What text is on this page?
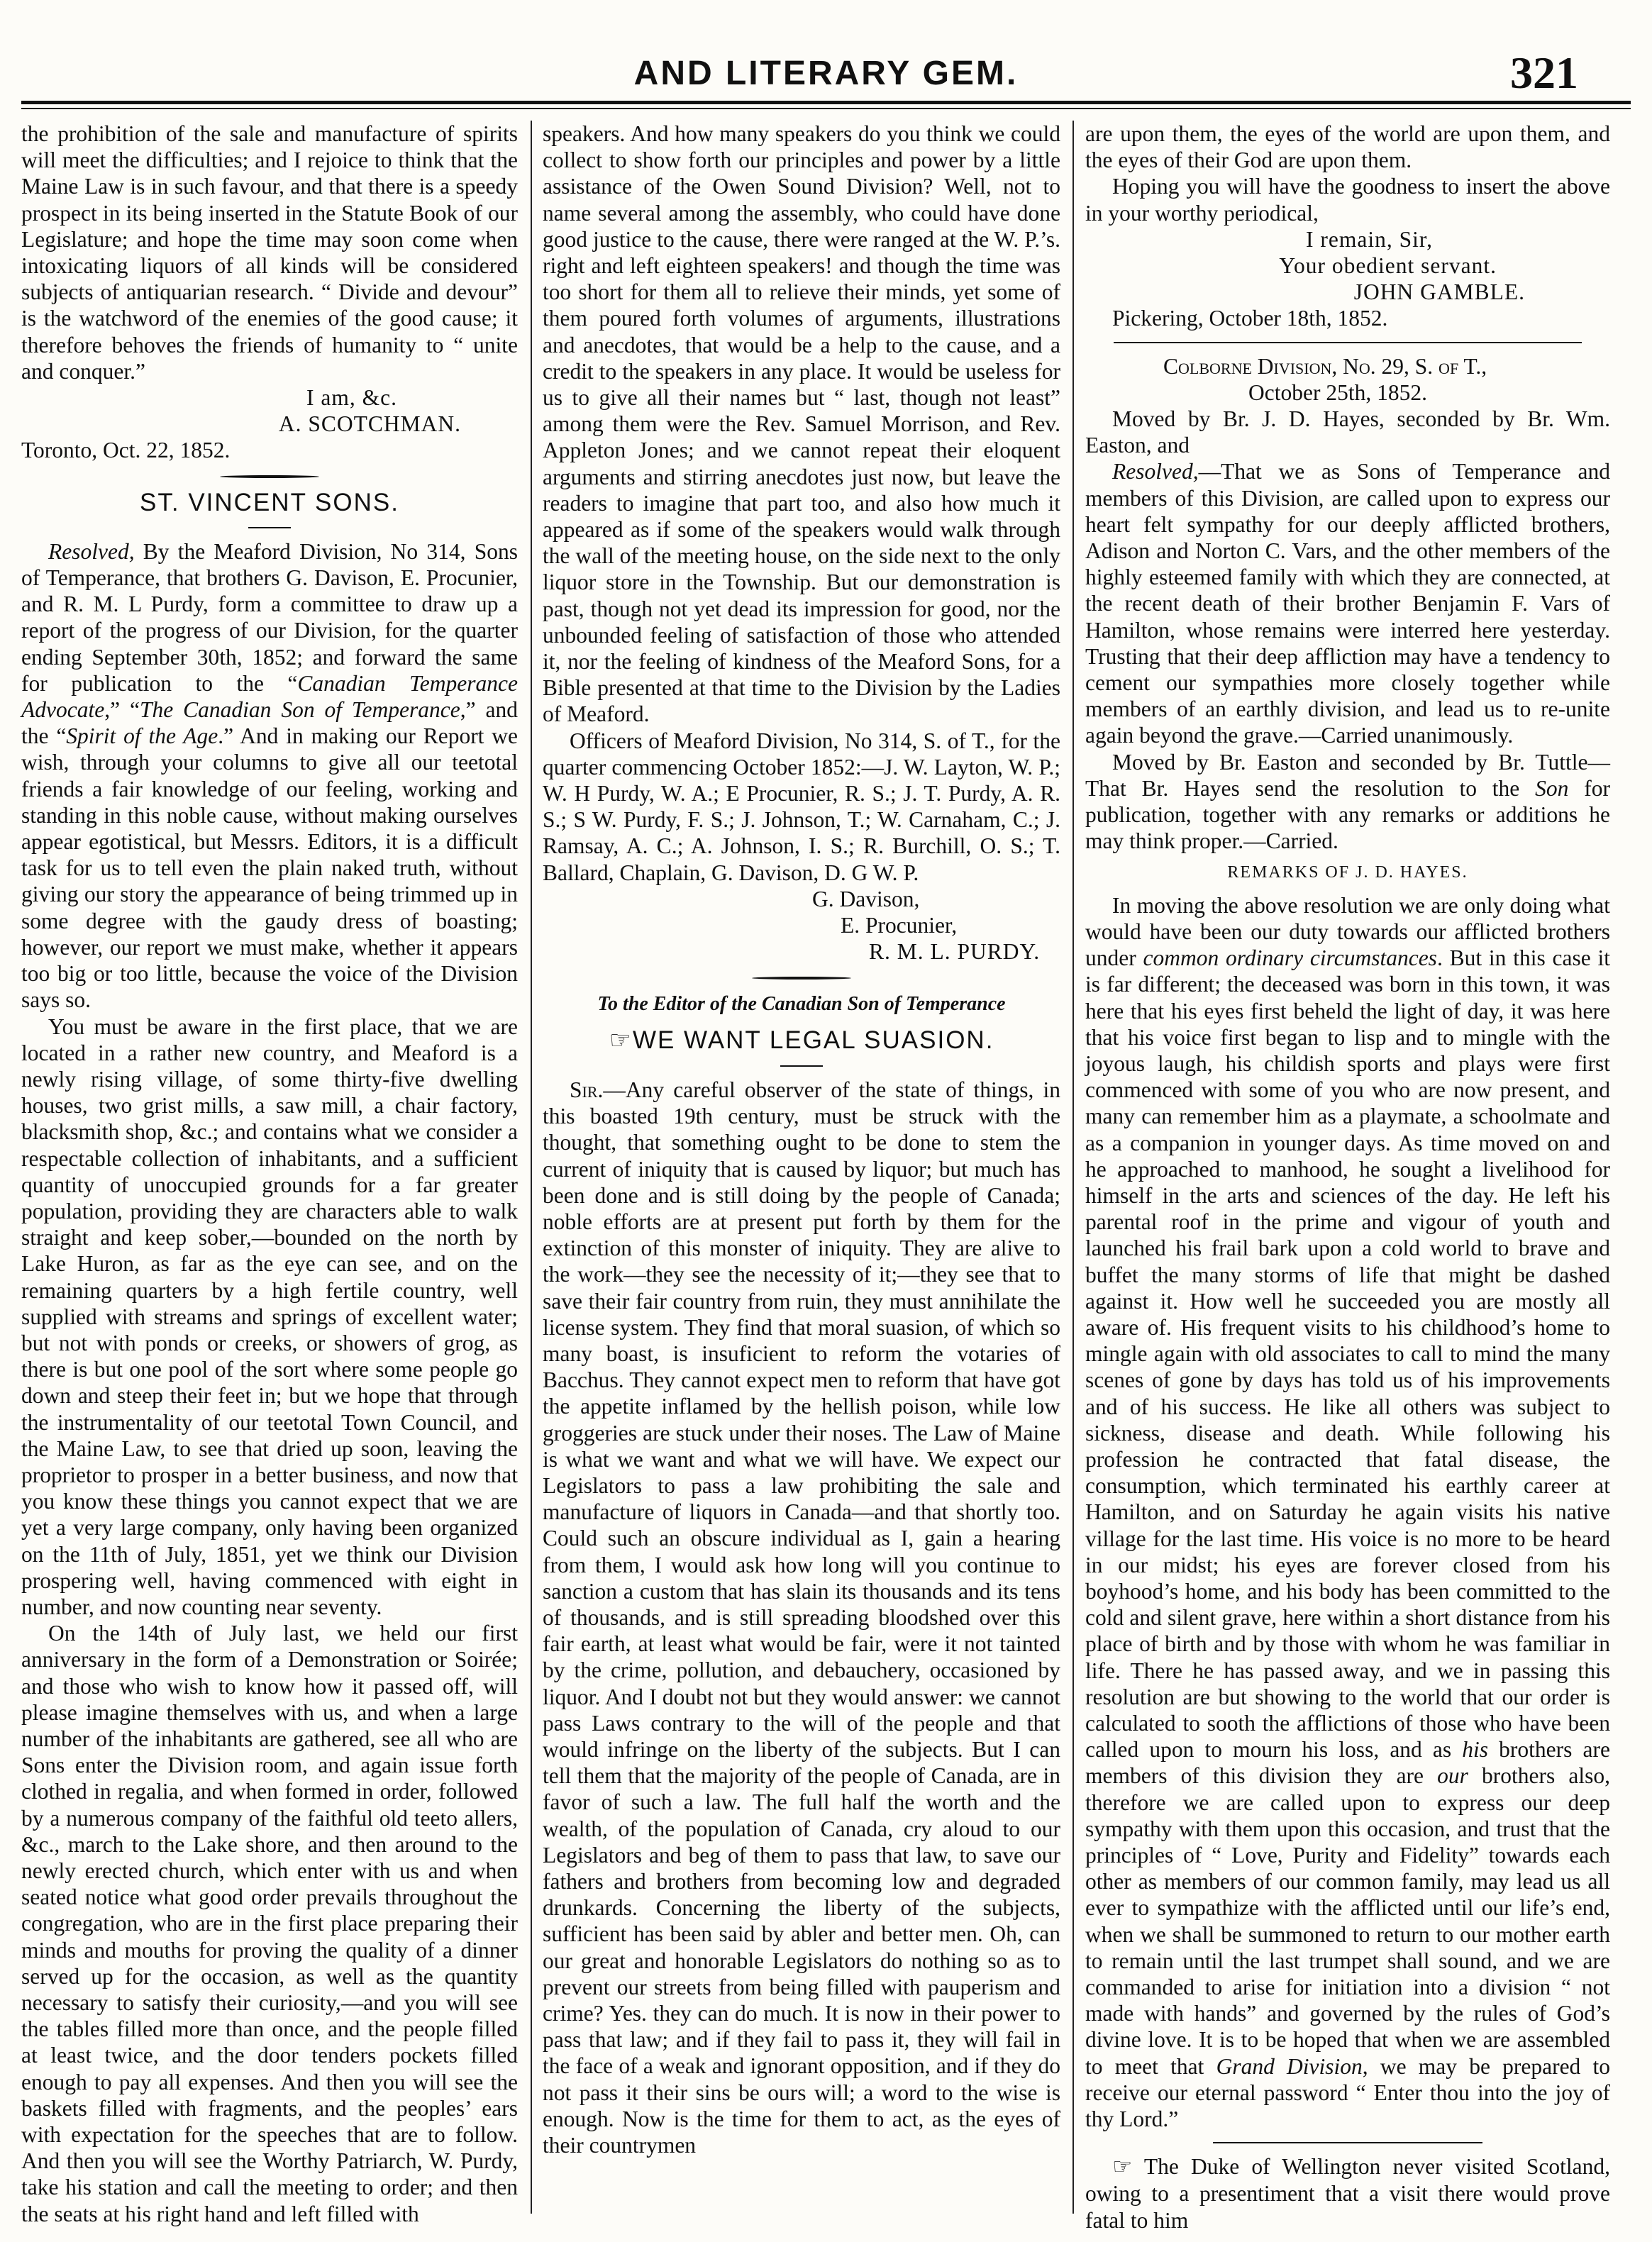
AND LITERARY GEM.	321

the prohibition of the sale and manufacture of spirits will meet the difficulties; and I rejoice to think that the Maine Law is in such favour, and that there is a speedy prospect in its being inserted in the Statute Book of our Legislature; and hope the time may soon come when intoxicating liquors of all kinds will be considered subjects of antiquarian research. “ Divide and devour” is the watchword of the enemies of the good cause; it therefore behoves the friends of humanity to “ unite and conquer.”

I am, &c.

A. SCOTCHMAN.

Toronto, Oct. 22, 1852.

ST. VINCENT SONS.

Resolved, By the Meaford Division, No 314, Sons of Temperance, that brothers G. Davison, E. Procunier, and R. M. L Purdy, form a committee to draw up a report of the progress of our Division, for the quarter ending September 30th, 1852; and forward the same for publication to the “Canadian Temperance Advocate,” “The Canadian Son of Temperance,” and the “Spirit of the Age.” And in making our Report we wish, through your columns to give all our teetotal friends a fair knowledge of our feeling, working and standing in this noble cause, without making ourselves appear egotistical, but Messrs. Editors, it is a difficult task for us to tell even the plain naked truth, without giving our story the appearance of being trimmed up in some degree with the gaudy dress of boasting; however, our report we must make, whether it appears too big or too little, because the voice of the Division says so.

You must be aware in the first place, that we are located in a rather new country, and Meaford is a newly rising village, of some thirty-five dwelling houses, two grist mills, a saw mill, a chair factory, blacksmith shop, &c.; and contains what we consider a respectable collection of inhabitants, and a sufficient quantity of unoccupied grounds for a far greater population, providing they are characters able to walk straight and keep sober,—bounded on the north by Lake Huron, as far as the eye can see, and on the remaining quarters by a high fertile country, well supplied with streams and springs of excellent water; but not with ponds or creeks, or showers of grog, as there is but one pool of the sort where some people go down and steep their feet in; but we hope that through the instrumentality of our teetotal Town Council, and the Maine Law, to see that dried up soon, leaving the proprietor to prosper in a better business, and now that you know these things you cannot expect that we are yet a very large company, only having been organized on the 11th of July, 1851, yet we think our Division prospering well, having commenced with eight in number, and now counting near seventy.

On the 14th of July last, we held our first anniversary in the form of a Demonstration or Soirée; and those who wish to know how it passed off, will please imagine themselves with us, and when a large number of the inhabitants are gathered, see all who are Sons enter the Division room, and again issue forth clothed in regalia, and when formed in order, followed by a numerous company of the faithful old teeto allers, &c., march to the Lake shore, and then around to the newly erected church, which enter with us and when seated notice what good order prevails throughout the congregation, who are in the first place preparing their minds and mouths for proving the quality of a dinner served up for the occasion, as well as the quantity necessary to satisfy their curiosity,—and you will see the tables filled more than once, and the people filled at least twice, and the door tenders pockets filled enough to pay all expenses. And then you will see the baskets filled with fragments, and the peoples’ ears with expectation for the speeches that are to follow. And then you will see the Worthy Patriarch, W. Purdy, take his station and call the meeting to order; and then the seats at his right hand and left filled with

speakers. And how many speakers do you think we could collect to show forth our principles and power by a little assistance of the Owen Sound Division? Well, not to name several among the assembly, who could have done good justice to the cause, there were ranged at the W. P.’s. right and left eighteen speakers! and though the time was too short for them all to relieve their minds, yet some of them poured forth volumes of arguments, illustrations and anecdotes, that would be a help to the cause, and a credit to the speakers in any place. It would be useless for us to give all their names but “ last, though not least” among them were the Rev. Samuel Morrison, and Rev. Appleton Jones; and we cannot repeat their eloquent arguments and stirring anecdotes just now, but leave the readers to imagine that part too, and also how much it appeared as if some of the speakers would walk through the wall of the meeting house, on the side next to the only liquor store in the Township. But our demonstration is past, though not yet dead its impression for good, nor the unbounded feeling of satisfaction of those who attended it, nor the feeling of kindness of the Meaford Sons, for a Bible presented at that time to the Division by the Ladies of Meaford.

Officers of Meaford Division, No 314, S. of T., for the quarter commencing October 1852:—J. W. Layton, W. P.; W. H Purdy, W. A.; E Procunier, R. S.; J. T. Purdy, A. R. S.; S W. Purdy, F. S.; J. Johnson, T.; W. Carnaham, C.; J. Ramsay, A. C.; A. Johnson, I. S.; R. Burchill, O. S.; T. Ballard, Chaplain, G. Davison, D. G W. P.

G. Davison,

E. Procunier,

R. M. L. PURDY.

To the Editor of the Canadian Son of Temperance

☞WE WANT LEGAL SUASION.

Sir.—Any careful observer of the state of things, in this boasted 19th century, must be struck with the thought, that something ought to be done to stem the current of iniquity that is caused by liquor; but much has been done and is still doing by the people of Canada; noble efforts are at present put forth by them for the extinction of this monster of iniquity. They are alive to the work—they see the necessity of it;—they see that to save their fair country from ruin, they must annihilate the license system. They find that moral suasion, of which so many boast, is insuficient to reform the votaries of Bacchus. They cannot expect men to reform that have got the appetite inflamed by the hellish poison, while low groggeries are stuck under their noses. The Law of Maine is what we want and what we will have. We expect our Legislators to pass a law prohibiting the sale and manufacture of liquors in Canada—and that shortly too. Could such an obscure individual as I, gain a hearing from them, I would ask how long will you continue to sanction a custom that has slain its thousands and its tens of thousands, and is still spreading bloodshed over this fair earth, at least what would be fair, were it not tainted by the crime, pollution, and debauchery, occasioned by liquor. And I doubt not but they would answer: we cannot pass Laws contrary to the will of the people and that would infringe on the liberty of the subjects. But I can tell them that the majority of the people of Canada, are in favor of such a law. The full half the worth and the wealth, of the population of Canada, cry aloud to our Legislators and beg of them to pass that law, to save our fathers and brothers from becoming low and degraded drunkards. Concerning the liberty of the subjects, sufficient has been said by abler and better men. Oh, can our great and honorable Legislators do nothing so as to prevent our streets from being filled with pauperism and crime? Yes. they can do much. It is now in their power to pass that law; and if they fail to pass it, they will fail in the face of a weak and ignorant opposition, and if they do not pass it their sins be ours will; a word to the wise is enough. Now is the time for them to act, as the eyes of their countrymen

are upon them, the eyes of the world are upon them, and the eyes of their God are upon them.

Hoping you will have the goodness to insert the above in your worthy periodical,

I remain, Sir,

Your obedient servant.

JOHN GAMBLE.

Pickering, October 18th, 1852.

Colborne Division, No. 29, S. of T.,

October 25th, 1852.

Moved by Br. J. D. Hayes, seconded by Br. Wm. Easton, and

Resolved,—That we as Sons of Temperance and members of this Division, are called upon to express our heart felt sympathy for our deeply afflicted brothers, Adison and Norton C. Vars, and the other members of the highly esteemed family with which they are connected, at the recent death of their brother Benjamin F. Vars of Hamilton, whose remains were interred here yesterday. Trusting that their deep affliction may have a tendency to cement our sympathies more closely together while members of an earthly division, and lead us to re-unite again beyond the grave.—Carried unanimously.

Moved by Br. Easton and seconded by Br. Tuttle— That Br. Hayes send the resolution to the Son for publication, together with any remarks or additions he may think proper.—Carried.

REMARKS OF J. D. HAYES.

In moving the above resolution we are only doing what would have been our duty towards our afflicted brothers under common ordinary circumstances. But in this case it is far different; the deceased was born in this town, it was here that his eyes first beheld the light of day, it was here that his voice first began to lisp and to mingle with the joyous laugh, his childish sports and plays were first commenced with some of you who are now present, and many can remember him as a playmate, a schoolmate and as a companion in younger days. As time moved on and he approached to manhood, he sought a livelihood for himself in the arts and sciences of the day. He left his parental roof in the prime and vigour of youth and launched his frail bark upon a cold world to brave and buffet the many storms of life that might be dashed against it. How well he succeeded you are mostly all aware of. His frequent visits to his childhood’s home to mingle again with old associates to call to mind the many scenes of gone by days has told us of his improvements and of his success. He like all others was subject to sickness, disease and death. While following his profession he contracted that fatal disease, the consumption, which terminated his earthly career at Hamilton, and on Saturday he again visits his native village for the last time. His voice is no more to be heard in our midst; his eyes are forever closed from his boyhood’s home, and his body has been committed to the cold and silent grave, here within a short distance from his place of birth and by those with whom he was familiar in life. There he has passed away, and we in passing this resolution are but showing to the world that our order is calculated to sooth the afflictions of those who have been called upon to mourn his loss, and as his brothers are members of this division they are our brothers also, therefore we are called upon to express our deep sympathy with them upon this occasion, and trust that the principles of “ Love, Purity and Fidelity” towards each other as members of our common family, may lead us all ever to sympathize with the afflicted until our life’s end, when we shall be summoned to return to our mother earth to remain until the last trumpet shall sound, and we are commanded to arise for initiation into a division “ not made with hands” and governed by the rules of God’s divine love. It is to be hoped that when we are assembled to meet that Grand Division, we may be prepared to receive our eternal password “ Enter thou into the joy of thy Lord.”

☞ The Duke of Wellington never visited Scotland, owing to a presentiment that a visit there would prove fatal to him
